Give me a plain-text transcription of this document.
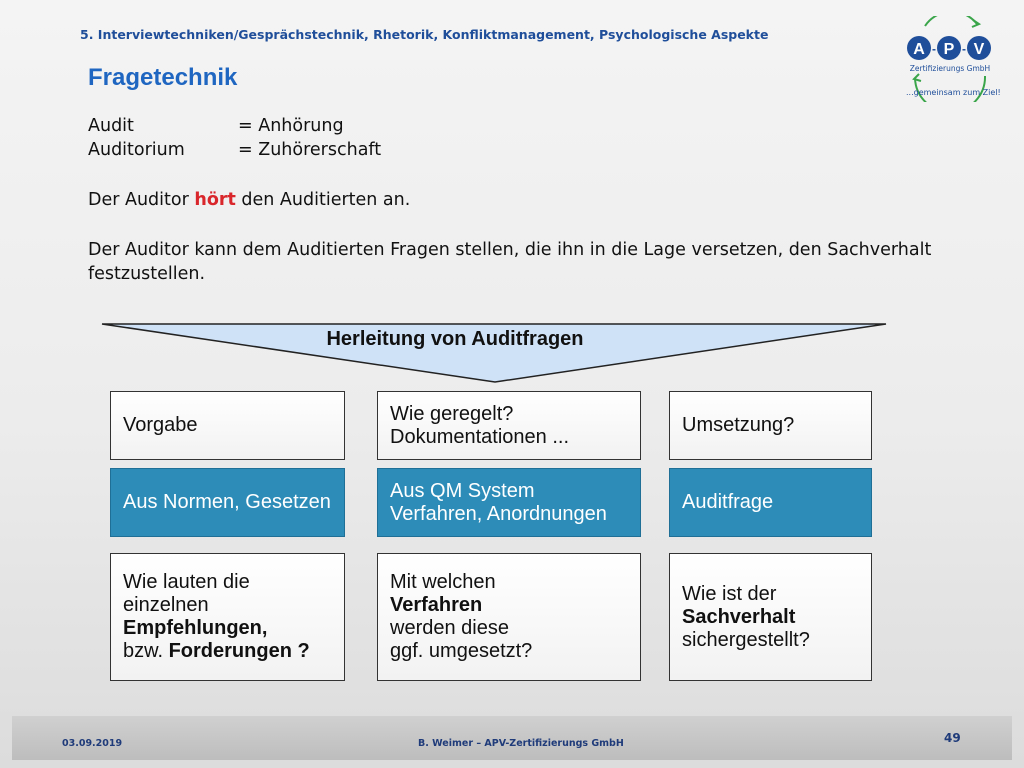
5. Interviewtechniken/Gesprächstechnik, Rhetorik, Konfliktmanagement, Psychologische Aspekte
Fragetechnik
A P V
- -
Zertifizierungs GmbH
...gemeinsam zum Ziel!
Audit	= Anhörung
Auditorium	= Zuhörerschaft
Der Auditor hört den Auditierten an.
Der Auditor kann dem Auditierten Fragen stellen, die ihn in die Lage versetzen, den Sachverhalt festzustellen.
Herleitung von Auditfragen
Vorgabe
Wie geregelt? Dokumentationen ...
Umsetzung?
Aus Normen, Gesetzen
Aus QM System Verfahren, Anordnungen
Auditfrage
Wie lauten die
einzelnen
Empfehlungen,
bzw. Forderungen ?
Mit welchen
Verfahren
werden diese
ggf. umgesetzt?
Wie ist der
Sachverhalt
sichergestellt?
03.09.2019	B. Weimer – APV-Zertifizierungs GmbH	49
